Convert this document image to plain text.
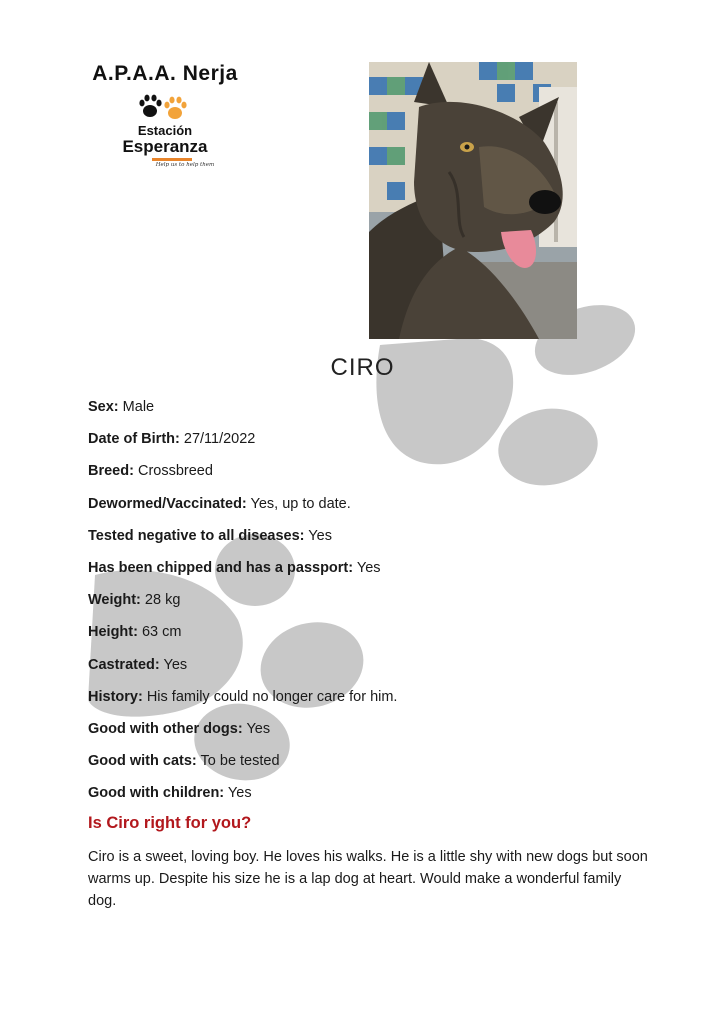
A.P.A.A. Nerja
Estación
Esperanza
Help us to help them
CIRO
Sex: Male
Date of Birth: 27/11/2022
Breed: Crossbreed
Dewormed/Vaccinated: Yes, up to date.
Tested negative to all diseases: Yes
Has been chipped and has a passport: Yes
Weight: 28 kg
Height: 63 cm
Castrated: Yes
History: His family could no longer care for him.
Good with other dogs: Yes
Good with cats: To be tested
Good with children: Yes
Is Ciro right for you?
Ciro is a sweet, loving boy. He loves his walks. He is a little shy with new dogs but soon warms up. Despite his size he is a lap dog at heart. Would make a wonderful family dog.
